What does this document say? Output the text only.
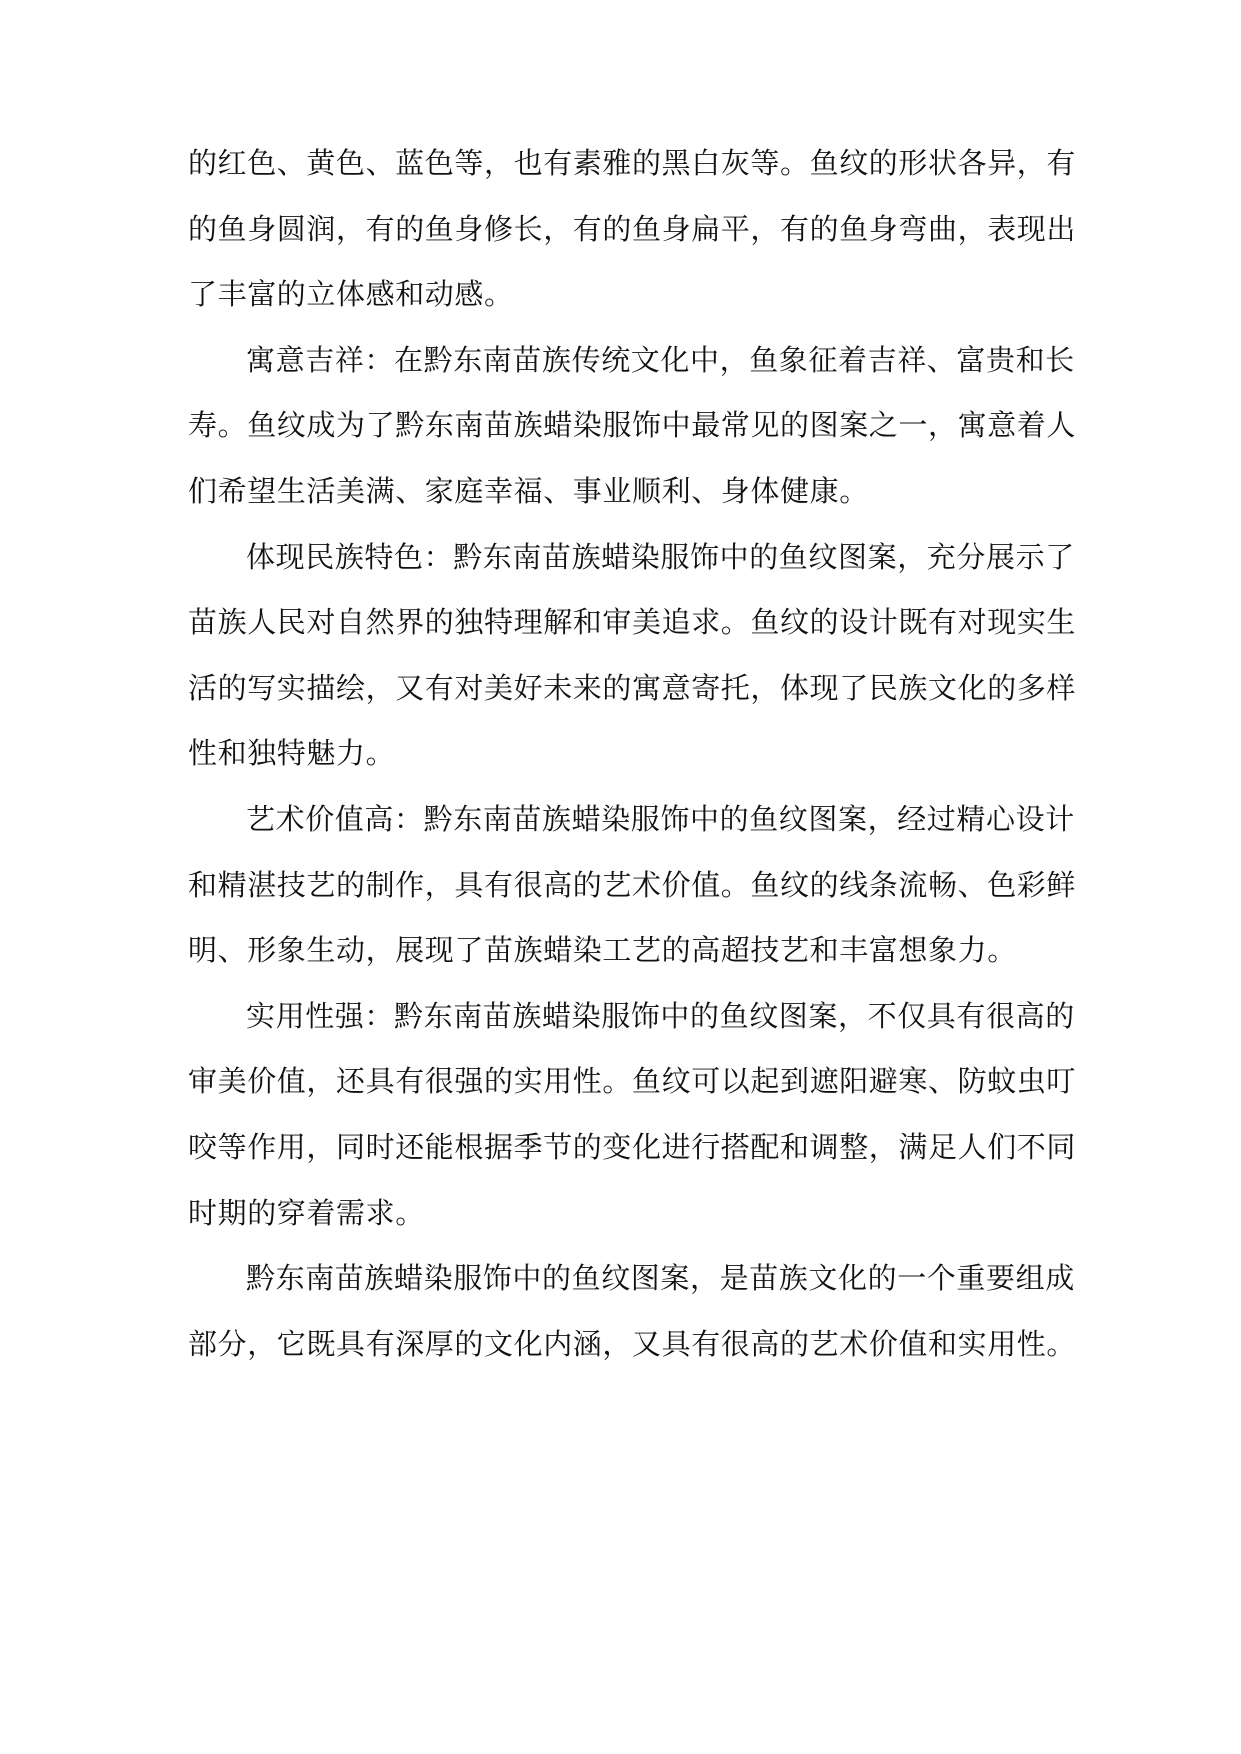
的红色、黄色、蓝色等，也有素雅的黑白灰等。鱼纹的形状各异，有
的鱼身圆润，有的鱼身修长，有的鱼身扁平，有的鱼身弯曲，表现出
了丰富的立体感和动感。
寓意吉祥：在黔东南苗族传统文化中，鱼象征着吉祥、富贵和长
寿。鱼纹成为了黔东南苗族蜡染服饰中最常见的图案之一，寓意着人
们希望生活美满、家庭幸福、事业顺利、身体健康。
体现民族特色：黔东南苗族蜡染服饰中的鱼纹图案，充分展示了
苗族人民对自然界的独特理解和审美追求。鱼纹的设计既有对现实生
活的写实描绘，又有对美好未来的寓意寄托，体现了民族文化的多样
性和独特魅力。
艺术价值高：黔东南苗族蜡染服饰中的鱼纹图案，经过精心设计
和精湛技艺的制作，具有很高的艺术价值。鱼纹的线条流畅、色彩鲜
明、形象生动，展现了苗族蜡染工艺的高超技艺和丰富想象力。
实用性强：黔东南苗族蜡染服饰中的鱼纹图案，不仅具有很高的
审美价值，还具有很强的实用性。鱼纹可以起到遮阳避寒、防蚊虫叮
咬等作用，同时还能根据季节的变化进行搭配和调整，满足人们不同
时期的穿着需求。
黔东南苗族蜡染服饰中的鱼纹图案，是苗族文化的一个重要组成
部分，它既具有深厚的文化内涵，又具有很高的艺术价值和实用性。
